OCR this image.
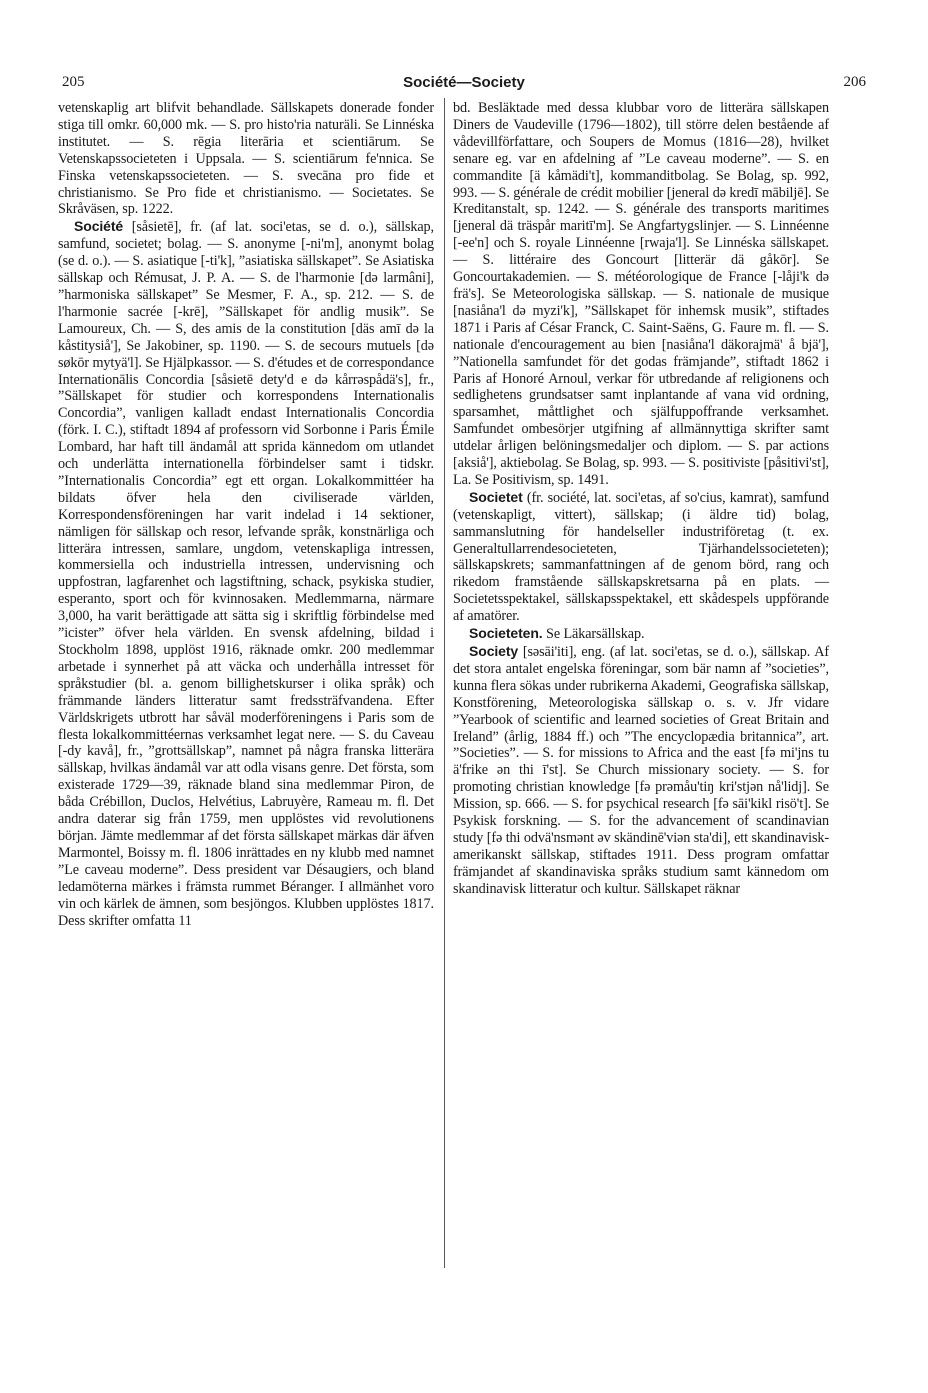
205	Société—Society	206

vetenskaplig art blifvit behandlade. Sällskapets donerade fonder stiga till omkr. 60,000 mk. — S. pro histo'ria naturäli. Se Linnéska institutet. — S. rēgia literāria et scientiārum. Se Vetenskapssocieteten i Uppsala. — S. scientiārum fe'nnica. Se Finska vetenskapssocieteten. — S. svecāna pro fide et christianismo. Se Pro fide et christianismo. — Societates. Se Skråväsen, sp. 1222.

Société [såsietē], fr. (af lat. soci'etas, se d. o.), sällskap, samfund, societet; bolag. — S. anonyme [-ni'm], anonymt bolag (se d. o.). — S. asiatique [-ti'k], ”asiatiska sällskapet”. Se Asiatiska sällskap och Rémusat, J. P. A. — S. de l'harmonie [də larmâni], ”harmoniska sällskapet” Se Mesmer, F. A., sp. 212. — S. de l'harmonie sacrée [-krē], ”Sällskapet för andlig musik”. Se Lamoureux, Ch. — S, des amis de la constitution [däs amī də la kåstitysiå'], Se Jakobiner, sp. 1190. — S. de secours mutuels [də søkōr mytyä'l]. Se Hjälpkassor. — S. d'études et de correspondance Internationālis Concordia [såsietē dety'd e də kårrəspådä's], fr., ”Sällskapet för studier och korrespondens Internationalis Concordia”, vanligen kalladt endast Internationalis Concordia (förk. I. C.), stiftadt 1894 af professorn vid Sorbonne i Paris Émile Lombard, har haft till ändamål att sprida kännedom om utlandet och underlätta internationella förbindelser samt i tidskr. ”Internationalis Concordia” egt ett organ. Lokalkommittéer ha bildats öfver hela den civiliserade världen, Korrespondensföreningen har varit indelad i 14 sektioner, nämligen för sällskap och resor, lefvande språk, konstnärliga och litterära intressen, samlare, ungdom, vetenskapliga intressen, kommersiella och industriella intressen, undervisning och uppfostran, lagfarenhet och lagstiftning, schack, psykiska studier, esperanto, sport och för kvinnosaken. Medlemmarna, närmare 3,000, ha varit berättigade att sätta sig i skriftlig förbindelse med ”icister” öfver hela världen. En svensk afdelning, bildad i Stockholm 1898, upplöst 1916, räknade omkr. 200 medlemmar arbetade i synnerhet på att väcka och underhålla intresset för språkstudier (bl. a. genom billighetskurser i olika språk) och främmande länders litteratur samt fredssträfvandena. Efter Världskrigets utbrott har såväl moderföreningens i Paris som de flesta lokalkommittéernas verksamhet legat nere. — S. du Caveau [-dy kavå], fr., ”grottsällskap”, namnet på några franska litterära sällskap, hvilkas ändamål var att odla visans genre. Det första, som existerade 1729—39, räknade bland sina medlemmar Piron, de båda Crébillon, Duclos, Helvétius, Labruyère, Rameau m. fl. Det andra daterar sig från 1759, men upplöstes vid revolutionens början. Jämte medlemmar af det första sällskapet märkas där äfven Marmontel, Boissy m. fl. 1806 inrättades en ny klubb med namnet ”Le caveau moderne”. Dess president var Désaugiers, och bland ledamöterna märkes i främsta rummet Béranger. I allmänhet voro vin och kärlek de ämnen, som besjöngos. Klubben upplöstes 1817. Dess skrifter omfatta 11

bd. Besläktade med dessa klubbar voro de litterära sällskapen Diners de Vaudeville (1796—1802), till större delen bestående af vådevillförfattare, och Soupers de Momus (1816—28), hvilket senare eg. var en afdelning af ”Le caveau moderne”. — S. en commandite [ä kåmädi't], kommanditbolag. Se Bolag, sp. 992, 993. — S. générale de crédit mobilier [jeneral də kredī mābiljē]. Se Kreditanstalt, sp. 1242. — S. générale des transports maritimes [jeneral dä träspår maritī'm]. Se Angfartygslinjer. — S. Linnéenne [-ee'n] och S. royale Linnéenne [rwaja'l]. Se Linnéska sällskapet. — S. littéraire des Goncourt [litterär dä gåkōr]. Se Goncourtakademien. — S. météorologique de France [-låji'k də frä's]. Se Meteorologiska sällskap. — S. nationale de musique [nasiåna'l də myzi'k], ”Sällskapet för inhemsk musik”, stiftades 1871 i Paris af César Franck, C. Saint-Saëns, G. Faure m. fl. — S. nationale d'encouragement au bien [nasiåna'l däkorajmä' å bjä'], ”Nationella samfundet för det godas främjande”, stiftadt 1862 i Paris af Honoré Arnoul, verkar för utbredande af religionens och sedlighetens grundsatser samt inplantande af vana vid ordning, sparsamhet, måttlighet och själfuppoffrande verksamhet. Samfundet ombesörjer utgifning af allmännyttiga skrifter samt utdelar årligen belöningsmedaljer och diplom. — S. par actions [aksiå'], aktiebolag. Se Bolag, sp. 993. — S. positiviste [påsitivi'st], La. Se Positivism, sp. 1491.

Societet (fr. société, lat. soci'etas, af so'cius, kamrat), samfund (vetenskapligt, vittert), sällskap; (i äldre tid) bolag, sammanslutning för handelseller industriföretag (t. ex. Generaltullarrendesocieteten, Tjärhandelssocieteten); sällskapskrets; sammanfattningen af de genom börd, rang och rikedom framstående sällskapskretsarna på en plats. — Societetsspektakel, sällskapsspektakel, ett skådespels uppförande af amatörer.

Societeten. Se Läkarsällskap.

Society [səsāi'iti], eng. (af lat. soci'etas, se d. o.), sällskap. Af det stora antalet engelska föreningar, som bär namn af ”societies”, kunna flera sökas under rubrikerna Akademi, Geografiska sällskap, Konstförening, Meteorologiska sällskap o. s. v. Jfr vidare ”Yearbook of scientific and learned societies of Great Britain and Ireland” (årlig, 1884 ff.) och ”The encyclopædia britannica”, art. ”Societies”. — S. for missions to Africa and the east [fə mi'jns tu ä'frike ən thi ī'st]. Se Church missionary society. — S. for promoting christian knowledge [fə prəmåu'tiŋ kri'stjən nå'lidj]. Se Mission, sp. 666. — S. for psychical research [fə sāi'kikl risö't]. Se Psykisk forskning. — S. for the advancement of scandinavian study [fə thi odvä'nsmənt əv skändinē'viən sta'di], ett skandinavisk-amerikanskt sällskap, stiftades 1911. Dess program omfattar främjandet af skandinaviska språks studium samt kännedom om skandinavisk litteratur och kultur. Sällskapet räknar
